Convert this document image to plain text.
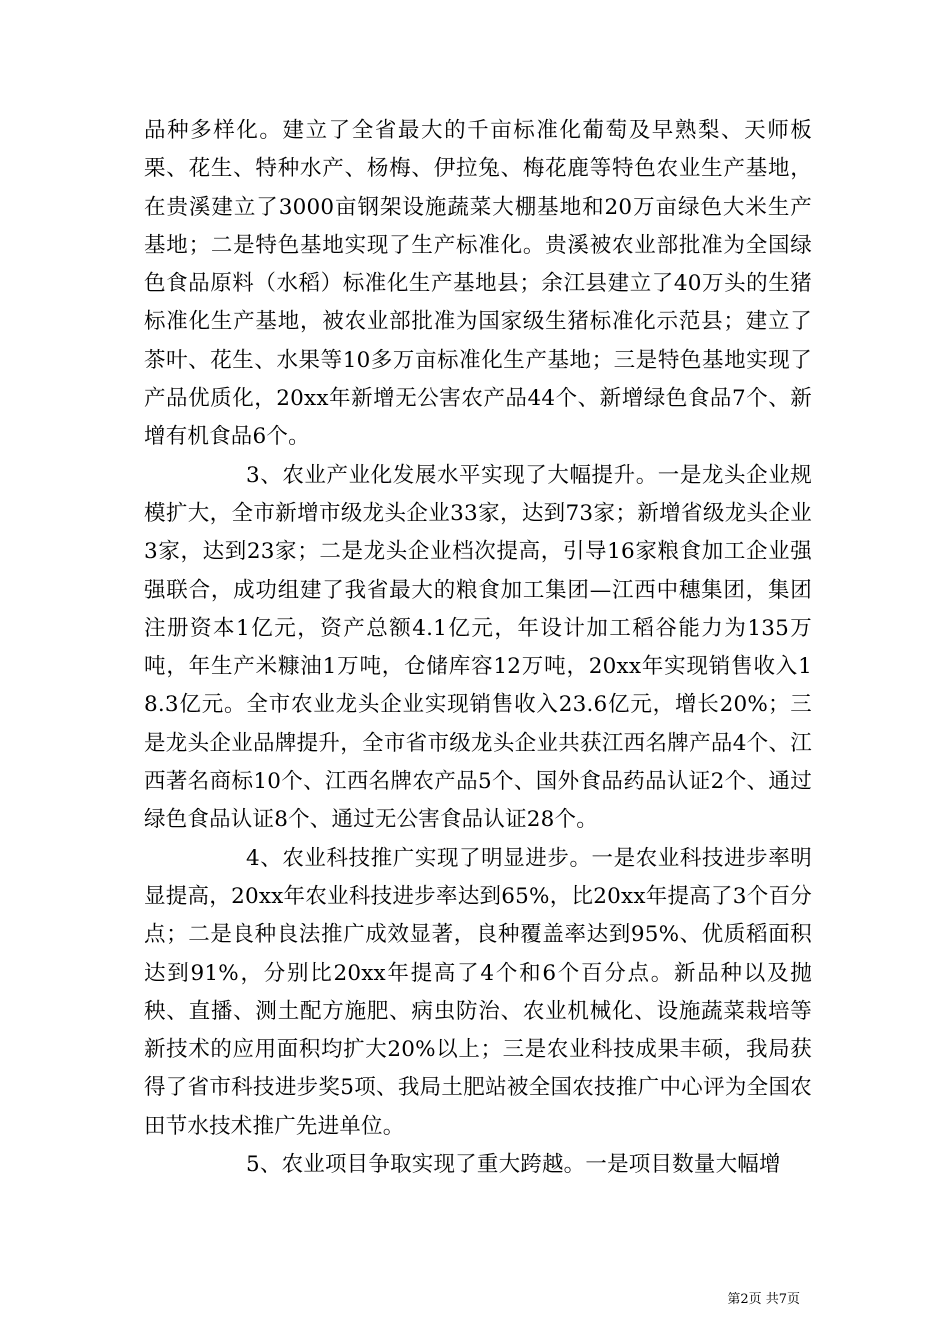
品种多样化。建立了全省最大的千亩标准化葡萄及早熟梨、天师板栗、花生、特种水产、杨梅、伊拉兔、梅花鹿等特色农业生产基地，在贵溪建立了3000亩钢架设施蔬菜大棚基地和20万亩绿色大米生产基地；二是特色基地实现了生产标准化。贵溪被农业部批准为全国绿色食品原料（水稻）标准化生产基地县；余江县建立了40万头的生猪标准化生产基地，被农业部批准为国家级生猪标准化示范县；建立了茶叶、花生、水果等10多万亩标准化生产基地；三是特色基地实现了产品优质化，20xx年新增无公害农产品44个、新增绿色食品7个、新增有机食品6个。

3、农业产业化发展水平实现了大幅提升。一是龙头企业规模扩大，全市新增市级龙头企业33家，达到73家；新增省级龙头企业3家，达到23家；二是龙头企业档次提高，引导16家粮食加工企业强强联合，成功组建了我省最大的粮食加工集团—江西中穗集团，集团注册资本1亿元，资产总额4.1亿元，年设计加工稻谷能力为135万吨，年生产米糠油1万吨，仓储库容12万吨，20xx年实现销售收入18.3亿元。全市农业龙头企业实现销售收入23.6亿元，增长20%；三是龙头企业品牌提升，全市省市级龙头企业共获江西名牌产品4个、江西著名商标10个、江西名牌农产品5个、国外食品药品认证2个、通过绿色食品认证8个、通过无公害食品认证28个。

4、农业科技推广实现了明显进步。一是农业科技进步率明显提高，20xx年农业科技进步率达到65%，比20xx年提高了3个百分点；二是良种良法推广成效显著，良种覆盖率达到95%、优质稻面积达到91%，分别比20xx年提高了4个和6个百分点。新品种以及抛秧、直播、测土配方施肥、病虫防治、农业机械化、设施蔬菜栽培等新技术的应用面积均扩大20%以上；三是农业科技成果丰硕，我局获得了省市科技进步奖5项、我局土肥站被全国农技推广中心评为全国农田节水技术推广先进单位。

5、农业项目争取实现了重大跨越。一是项目数量大幅增

第2页 共7页
